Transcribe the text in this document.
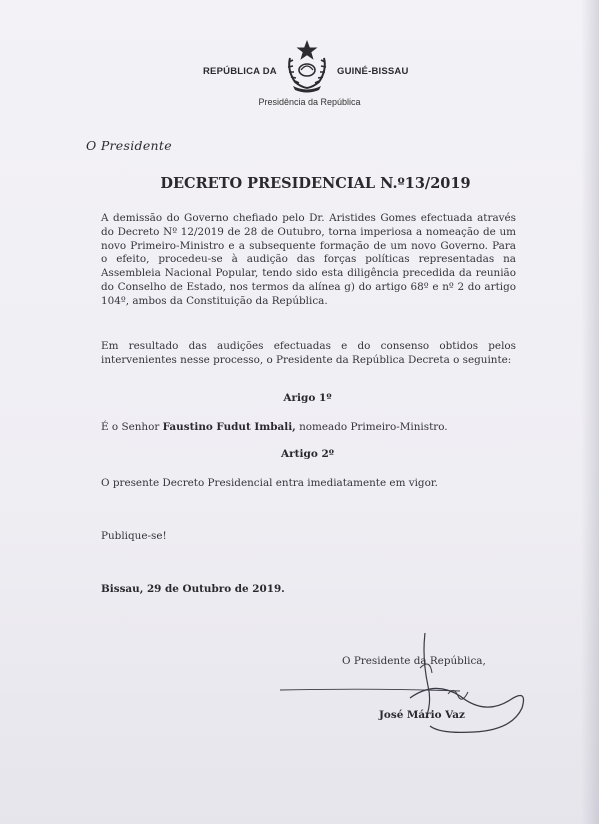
REPÚBLICA DA	GUINÉ-BISSAU
Presidência da República
O Presidente
DECRETO PRESIDENCIAL N.º13/2019
A demissão do Governo chefiado pelo Dr. Aristides Gomes efectuada através do Decreto Nº 12/2019 de 28 de Outubro, torna imperiosa a nomeação de um novo Primeiro-Ministro e a subsequente formação de um novo Governo. Para o efeito, procedeu-se à audição das forças políticas representadas na Assembleia Nacional Popular, tendo sido esta diligência precedida da reunião do Conselho de Estado, nos termos da alínea g) do artigo 68º e nº 2 do artigo 104º, ambos da Constituição da República.
Em resultado das audições efectuadas e do consenso obtidos pelos intervenientes nesse processo, o Presidente da República Decreta o seguinte:
Arigo 1º
É o Senhor Faustino Fudut Imbali, nomeado Primeiro-Ministro.
Artigo 2º
O presente Decreto Presidencial entra imediatamente em vigor.
Publique-se!
Bissau, 29 de Outubro de 2019.
O Presidente da República,
José Mário Vaz
